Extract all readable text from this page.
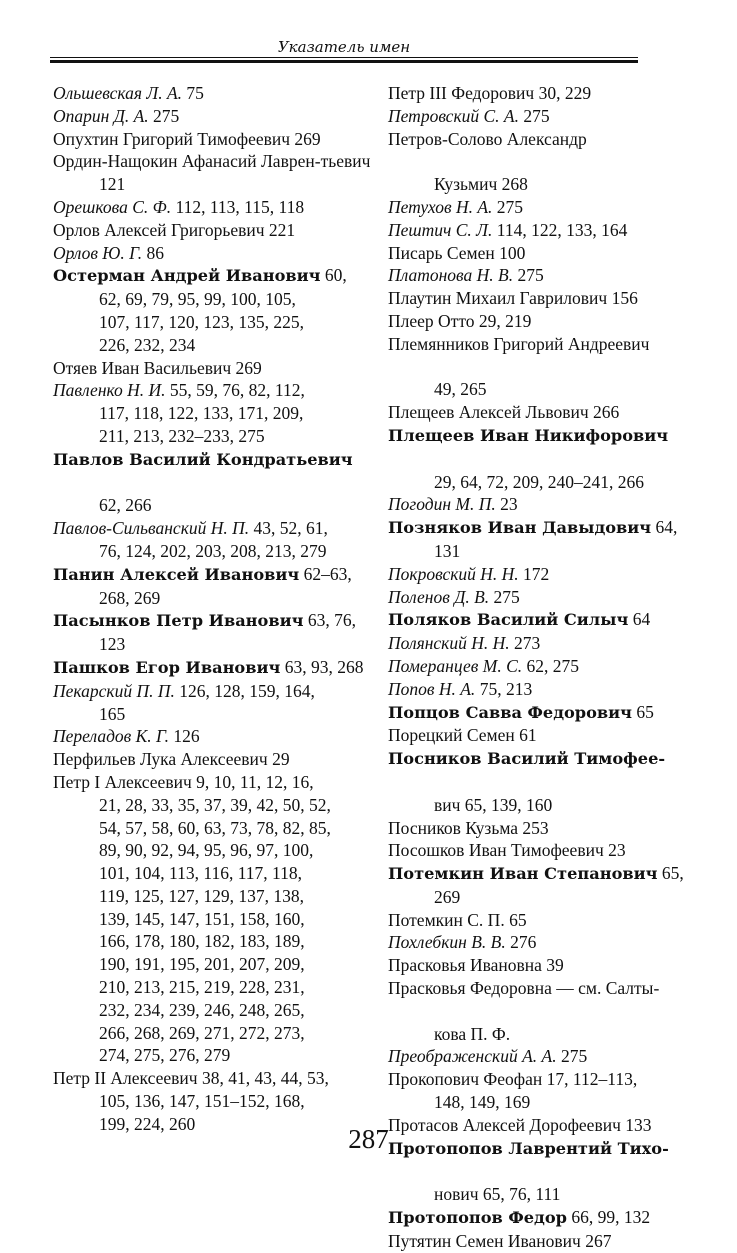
Указатель имен

Ольшевская Л. А. 75

Опарин Д. А. 275

Опухтин Григорий Тимофеевич 269

Ордин-Нащокин Афанасий Лаврен-тьевич 121

Орешкова С. Ф. 112, 113, 115, 118

Орлов Алексей Григорьевич 221

Орлов Ю. Г. 86

Остерман Андрей Иванович 60,
62, 69, 79, 95, 99, 100, 105,
107, 117, 120, 123, 135, 225,
226, 232, 234

Отяев Иван Васильевич 269

Павленко Н. И. 55, 59, 76, 82, 112,
117, 118, 122, 133, 171, 209,
211, 213, 232–233, 275

Павлов Василий Кондратьевич

62, 266

Павлов-Сильванский Н. П. 43, 52, 61,
76, 124, 202, 203, 208, 213, 279

Панин Алексей Иванович 62–63,
268, 269

Пасынков Петр Иванович 63, 76,
123

Пашков Егор Иванович 63, 93, 268

Пекарский П. П. 126, 128, 159, 164,
165

Переладов К. Г. 126

Перфильев Лука Алексеевич 29

Петр I Алексеевич 9, 10, 11, 12, 16,
21, 28, 33, 35, 37, 39, 42, 50, 52,
54, 57, 58, 60, 63, 73, 78, 82, 85,
89, 90, 92, 94, 95, 96, 97, 100,
101, 104, 113, 116, 117, 118,
119, 125, 127, 129, 137, 138,
139, 145, 147, 151, 158, 160,
166, 178, 180, 182, 183, 189,
190, 191, 195, 201, 207, 209,
210, 213, 215, 219, 228, 231,
232, 234, 239, 246, 248, 265,
266, 268, 269, 271, 272, 273,
274, 275, 276, 279

Петр II Алексеевич 38, 41, 43, 44, 53,
105, 136, 147, 151–152, 168,
199, 224, 260

Петр III Федорович 30, 229

Петровский С. А. 275

Петров-Солово Александр

Кузьмич 268

Петухов Н. А. 275

Пештич С. Л. 114, 122, 133, 164

Писарь Семен 100

Платонова Н. В. 275

Плаутин Михаил Гаврилович 156

Плеер Отто 29, 219

Племянников Григорий Андреевич

49, 265

Плещеев Алексей Львович 266

Плещеев Иван Никифорович

29, 64, 72, 209, 240–241, 266

Погодин М. П. 23

Позняков Иван Давыдович 64,
131

Покровский Н. Н. 172

Поленов Д. В. 275

Поляков Василий Силыч 64

Полянский Н. Н. 273

Померанцев М. С. 62, 275

Попов Н. А. 75, 213

Попцов Савва Федорович 65

Порецкий Семен 61

Посников Василий Тимофее-

вич 65, 139, 160

Посников Кузьма 253

Посошков Иван Тимофеевич 23

Потемкин Иван Степанович 65,
269

Потемкин С. П. 65

Похлебкин В. В. 276

Прасковья Ивановна 39

Прасковья Федоровна — см. Салты-

кова П. Ф.

Преображенский А. А. 275

Прокопович Феофан 17, 112–113,
148, 149, 169

Протасов Алексей Дорофеевич 133

Протопопов Лаврентий Тихо-

нович 65, 76, 111

Протопопов Федор 66, 99, 132

Путятин Семен Иванович 267

287
